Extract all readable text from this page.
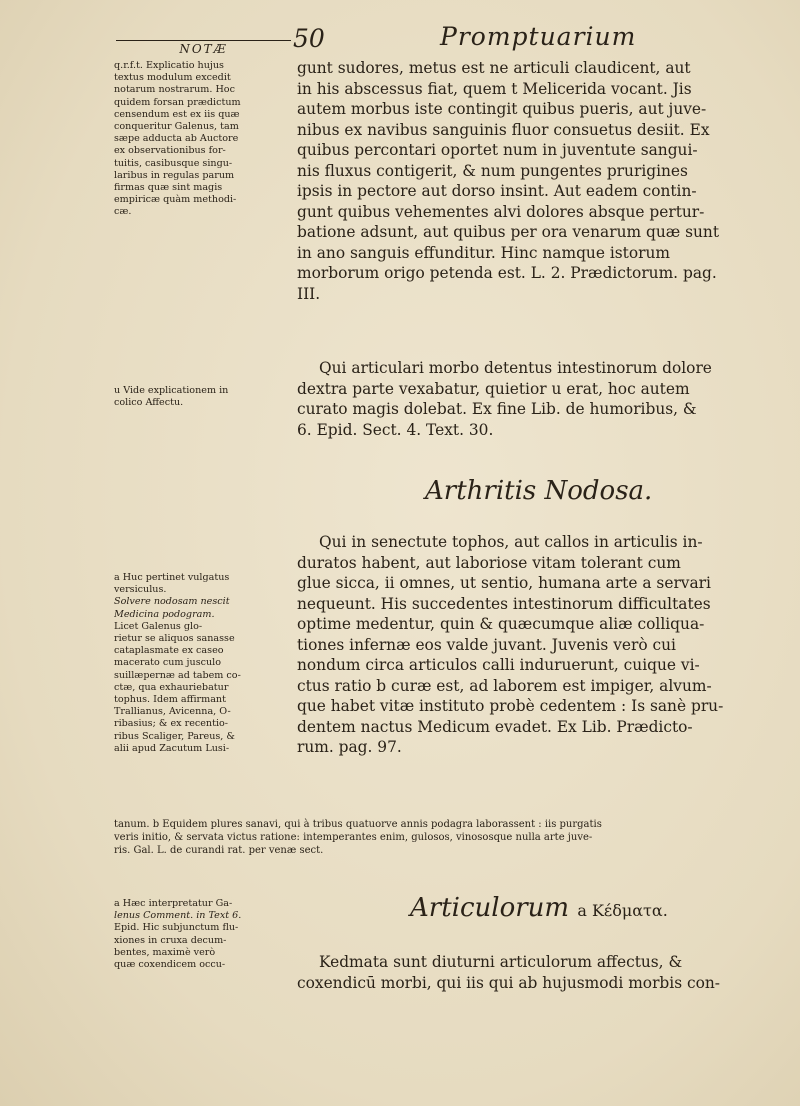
NOTÆ	50	Promptuarium
q.r.f.t. Explicatio hujus
textus modulum excedit
notarum nostrarum. Hoc
quidem forsan prædictum
censendum est ex iis quæ
conqueritur Galenus, tam
sæpe adducta ab Auctore
ex observationibus for-
tuitis, casibusque singu-
laribus in regulas parum
firmas quæ sint magis
empiricæ quàm methodi-
cæ.
u Vide explicationem in
colico Affectu.
a Huc pertinet vulgatus
versiculus.
Solvere nodosam nescit
Medicina podogram.
Licet Galenus glo-
rietur se aliquos sanasse
cataplasmate ex caseo
macerato cum jusculo
suillæpernæ ad tabem co-
ctæ, qua exhauriebatur
tophus. Idem affirmant
Trallianus, Avicenna, O-
ribasius; & ex recentio-
ribus Scaliger, Pareus, &
alii apud Zacutum Lusi-
a Hæc interpretatur Ga-
lenus Comment. in Text 6.
Epid. Hic subjunctum flu-
xiones in cruxa decum-
bentes, maximè verò
quæ coxendicem occu-
gunt sudores, metus est ne articuli claudicent, aut
in his abscessus fiat, quem t Melicerida vocant. Jis
autem morbus iste contingit quibus pueris, aut juve-
nibus ex navibus sanguinis fluor consuetus desiit. Ex
quibus percontari oportet num in juventute sangui-
nis fluxus contigerit, & num pungentes prurigines
ipsis in pectore aut dorso insint. Aut eadem contin-
gunt quibus vehementes alvi dolores absque pertur-
batione adsunt, aut quibus per ora venarum quæ sunt
in ano sanguis effunditur. Hinc namque istorum
morborum origo petenda est. L. 2. Prædictorum. pag.
III.
Qui articulari morbo detentus intestinorum dolore
dextra parte vexabatur, quietior u erat, hoc autem
curato magis dolebat. Ex fine Lib. de humoribus, &
6. Epid. Sect. 4. Text. 30.
Arthritis Nodosa.
Qui in senectute tophos, aut callos in articulis in-
duratos habent, aut laboriose vitam tolerant cum
glue sicca, ii omnes, ut sentio, humana arte a servari
nequeunt. His succedentes intestinorum difficultates
optime medentur, quin & quæcumque aliæ colliqua-
tiones infernæ eos valde juvant. Juvenis verò cui
nondum circa articulos calli induruerunt, cuique vi-
ctus ratio b curæ est, ad laborem est impiger, alvum-
que habet vitæ instituto probè cedentem : Is sanè pru-
dentem nactus Medicum evadet. Ex Lib. Prædicto-
rum. pag. 97.
tanum. b Equidem plures sanavi, qui à tribus quatuorve annis podagra laborassent : iis purgatis
veris initio, & servata victus ratione: intemperantes enim, gulosos, vinososque nulla arte juve-
ris. Gal. L. de curandi rat. per venæ sect.
Articulorum a Κέδματα.
Kedmata sunt diuturni articulorum affectus, &
coxendicū morbi, qui iis qui ab hujusmodi morbis con-
